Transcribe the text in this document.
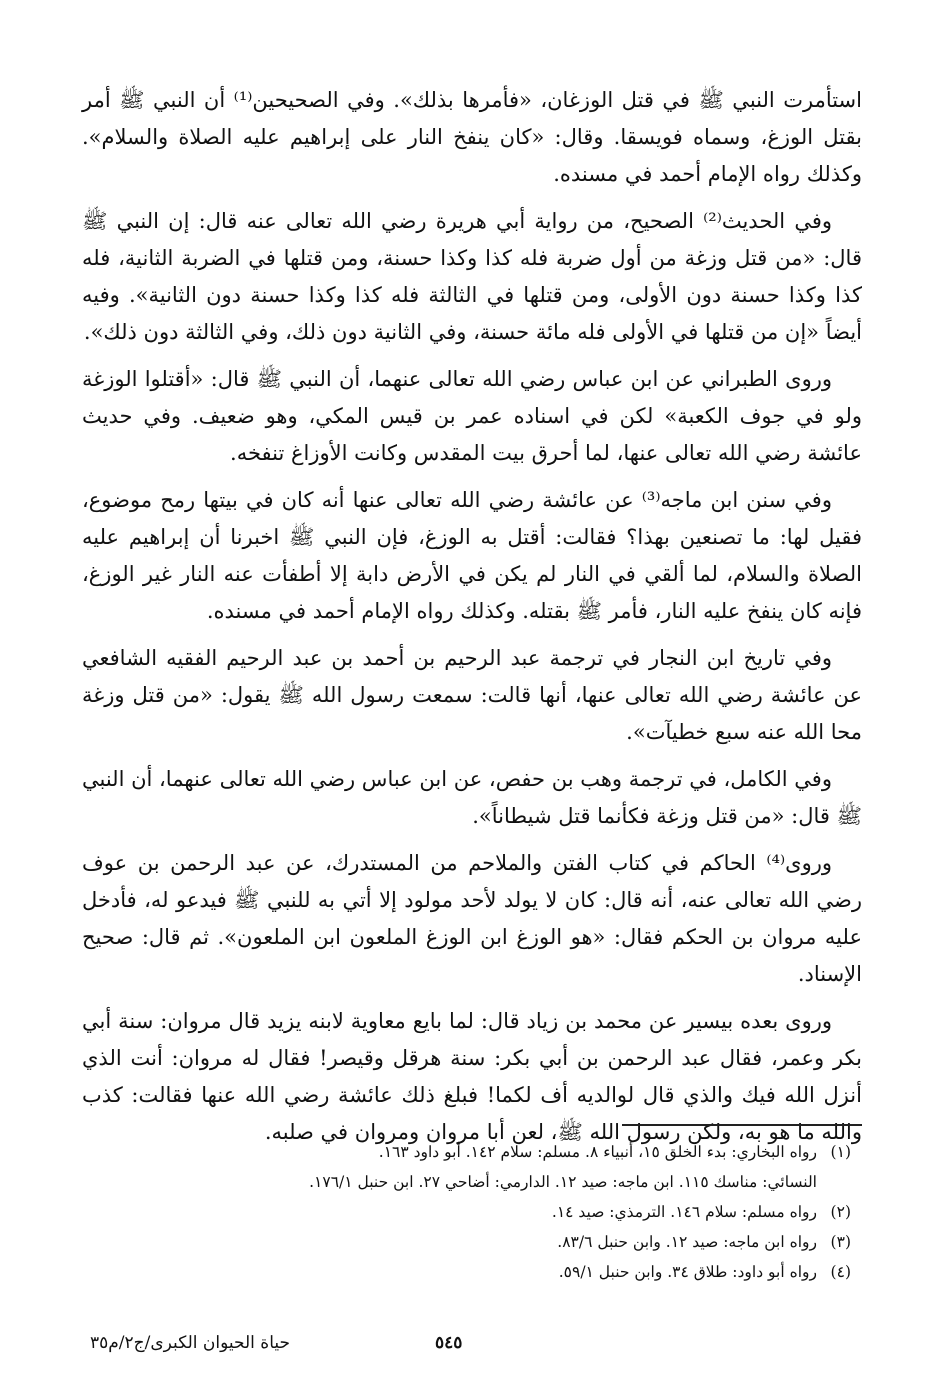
استأمرت النبي ﷺ في قتل الوزغان، «فأمرها بذلك». وفي الصحيحين⁽¹⁾ أن النبي ﷺ أمر بقتل الوزغ، وسماه فويسقا. وقال: «كان ينفخ النار على إبراهيم عليه الصلاة والسلام». وكذلك رواه الإمام أحمد في مسنده.

وفي الحديث⁽²⁾ الصحيح، من رواية أبي هريرة رضي الله تعالى عنه قال: إن النبي ﷺ قال: «من قتل وزغة من أول ضربة فله كذا وكذا حسنة، ومن قتلها في الضربة الثانية، فله كذا وكذا حسنة دون الأولى، ومن قتلها في الثالثة فله كذا وكذا حسنة دون الثانية». وفيه أيضاً «إن من قتلها في الأولى فله مائة حسنة، وفي الثانية دون ذلك، وفي الثالثة دون ذلك».

وروى الطبراني عن ابن عباس رضي الله تعالى عنهما، أن النبي ﷺ قال: «أقتلوا الوزغة ولو في جوف الكعبة» لكن في اسناده عمر بن قيس المكي، وهو ضعيف. وفي حديث عائشة رضي الله تعالى عنها، لما أحرق بيت المقدس وكانت الأوزاغ تنفخه.

وفي سنن ابن ماجه⁽³⁾ عن عائشة رضي الله تعالى عنها أنه كان في بيتها رمح موضوع، فقيل لها: ما تصنعين بهذا؟ فقالت: أقتل به الوزغ، فإن النبي ﷺ اخبرنا أن إبراهيم عليه الصلاة والسلام، لما ألقي في النار لم يكن في الأرض دابة إلا أطفأت عنه النار غير الوزغ، فإنه كان ينفخ عليه النار، فأمر ﷺ بقتله. وكذلك رواه الإمام أحمد في مسنده.

وفي تاريخ ابن النجار في ترجمة عبد الرحيم بن أحمد بن عبد الرحيم الفقيه الشافعي عن عائشة رضي الله تعالى عنها، أنها قالت: سمعت رسول الله ﷺ يقول: «من قتل وزغة محا الله عنه سبع خطيآت».

وفي الكامل، في ترجمة وهب بن حفص، عن ابن عباس رضي الله تعالى عنهما، أن النبي ﷺ قال: «من قتل وزغة فكأنما قتل شيطاناً».

وروى⁽⁴⁾ الحاكم في كتاب الفتن والملاحم من المستدرك، عن عبد الرحمن بن عوف رضي الله تعالى عنه، أنه قال: كان لا يولد لأحد مولود إلا أتي به للنبي ﷺ فيدعو له، فأدخل عليه مروان بن الحكم فقال: «هو الوزغ ابن الوزغ الملعون ابن الملعون». ثم قال: صحيح الإسناد.

وروى بعده بيسير عن محمد بن زياد قال: لما بايع معاوية لابنه يزيد قال مروان: سنة أبي بكر وعمر، فقال عبد الرحمن بن أبي بكر: سنة هرقل وقيصر! فقال له مروان: أنت الذي أنزل الله فيك والذي قال لوالديه أف لكما! فبلغ ذلك عائشة رضي الله عنها فقالت: كذب والله ما هو به، ولكن رسول الله ﷺ، لعن أبا مروان ومروان في صلبه.

(١)
رواه البخاري: بدء الخلق ١٥، أنبياء ٨. مسلم: سلام ١٤٢. أبو داود ١٦٣.
النسائي: مناسك ١١٥. ابن ماجه: صيد ١٢. الدارمي: أضاحي ٢٧. ابن حنبل ١٧٦/١.
(٢)
رواه مسلم: سلام ١٤٦. الترمذي: صيد ١٤.
(٣)
رواه ابن ماجه: صيد ١٢. وابن حنبل ٨٣/٦.
(٤)
رواه أبو داود: طلاق ٣٤. وابن حنبل ٥٩/١.
٥٤٥
حياة الحيوان الكبرى/ج٢/م٣٥
